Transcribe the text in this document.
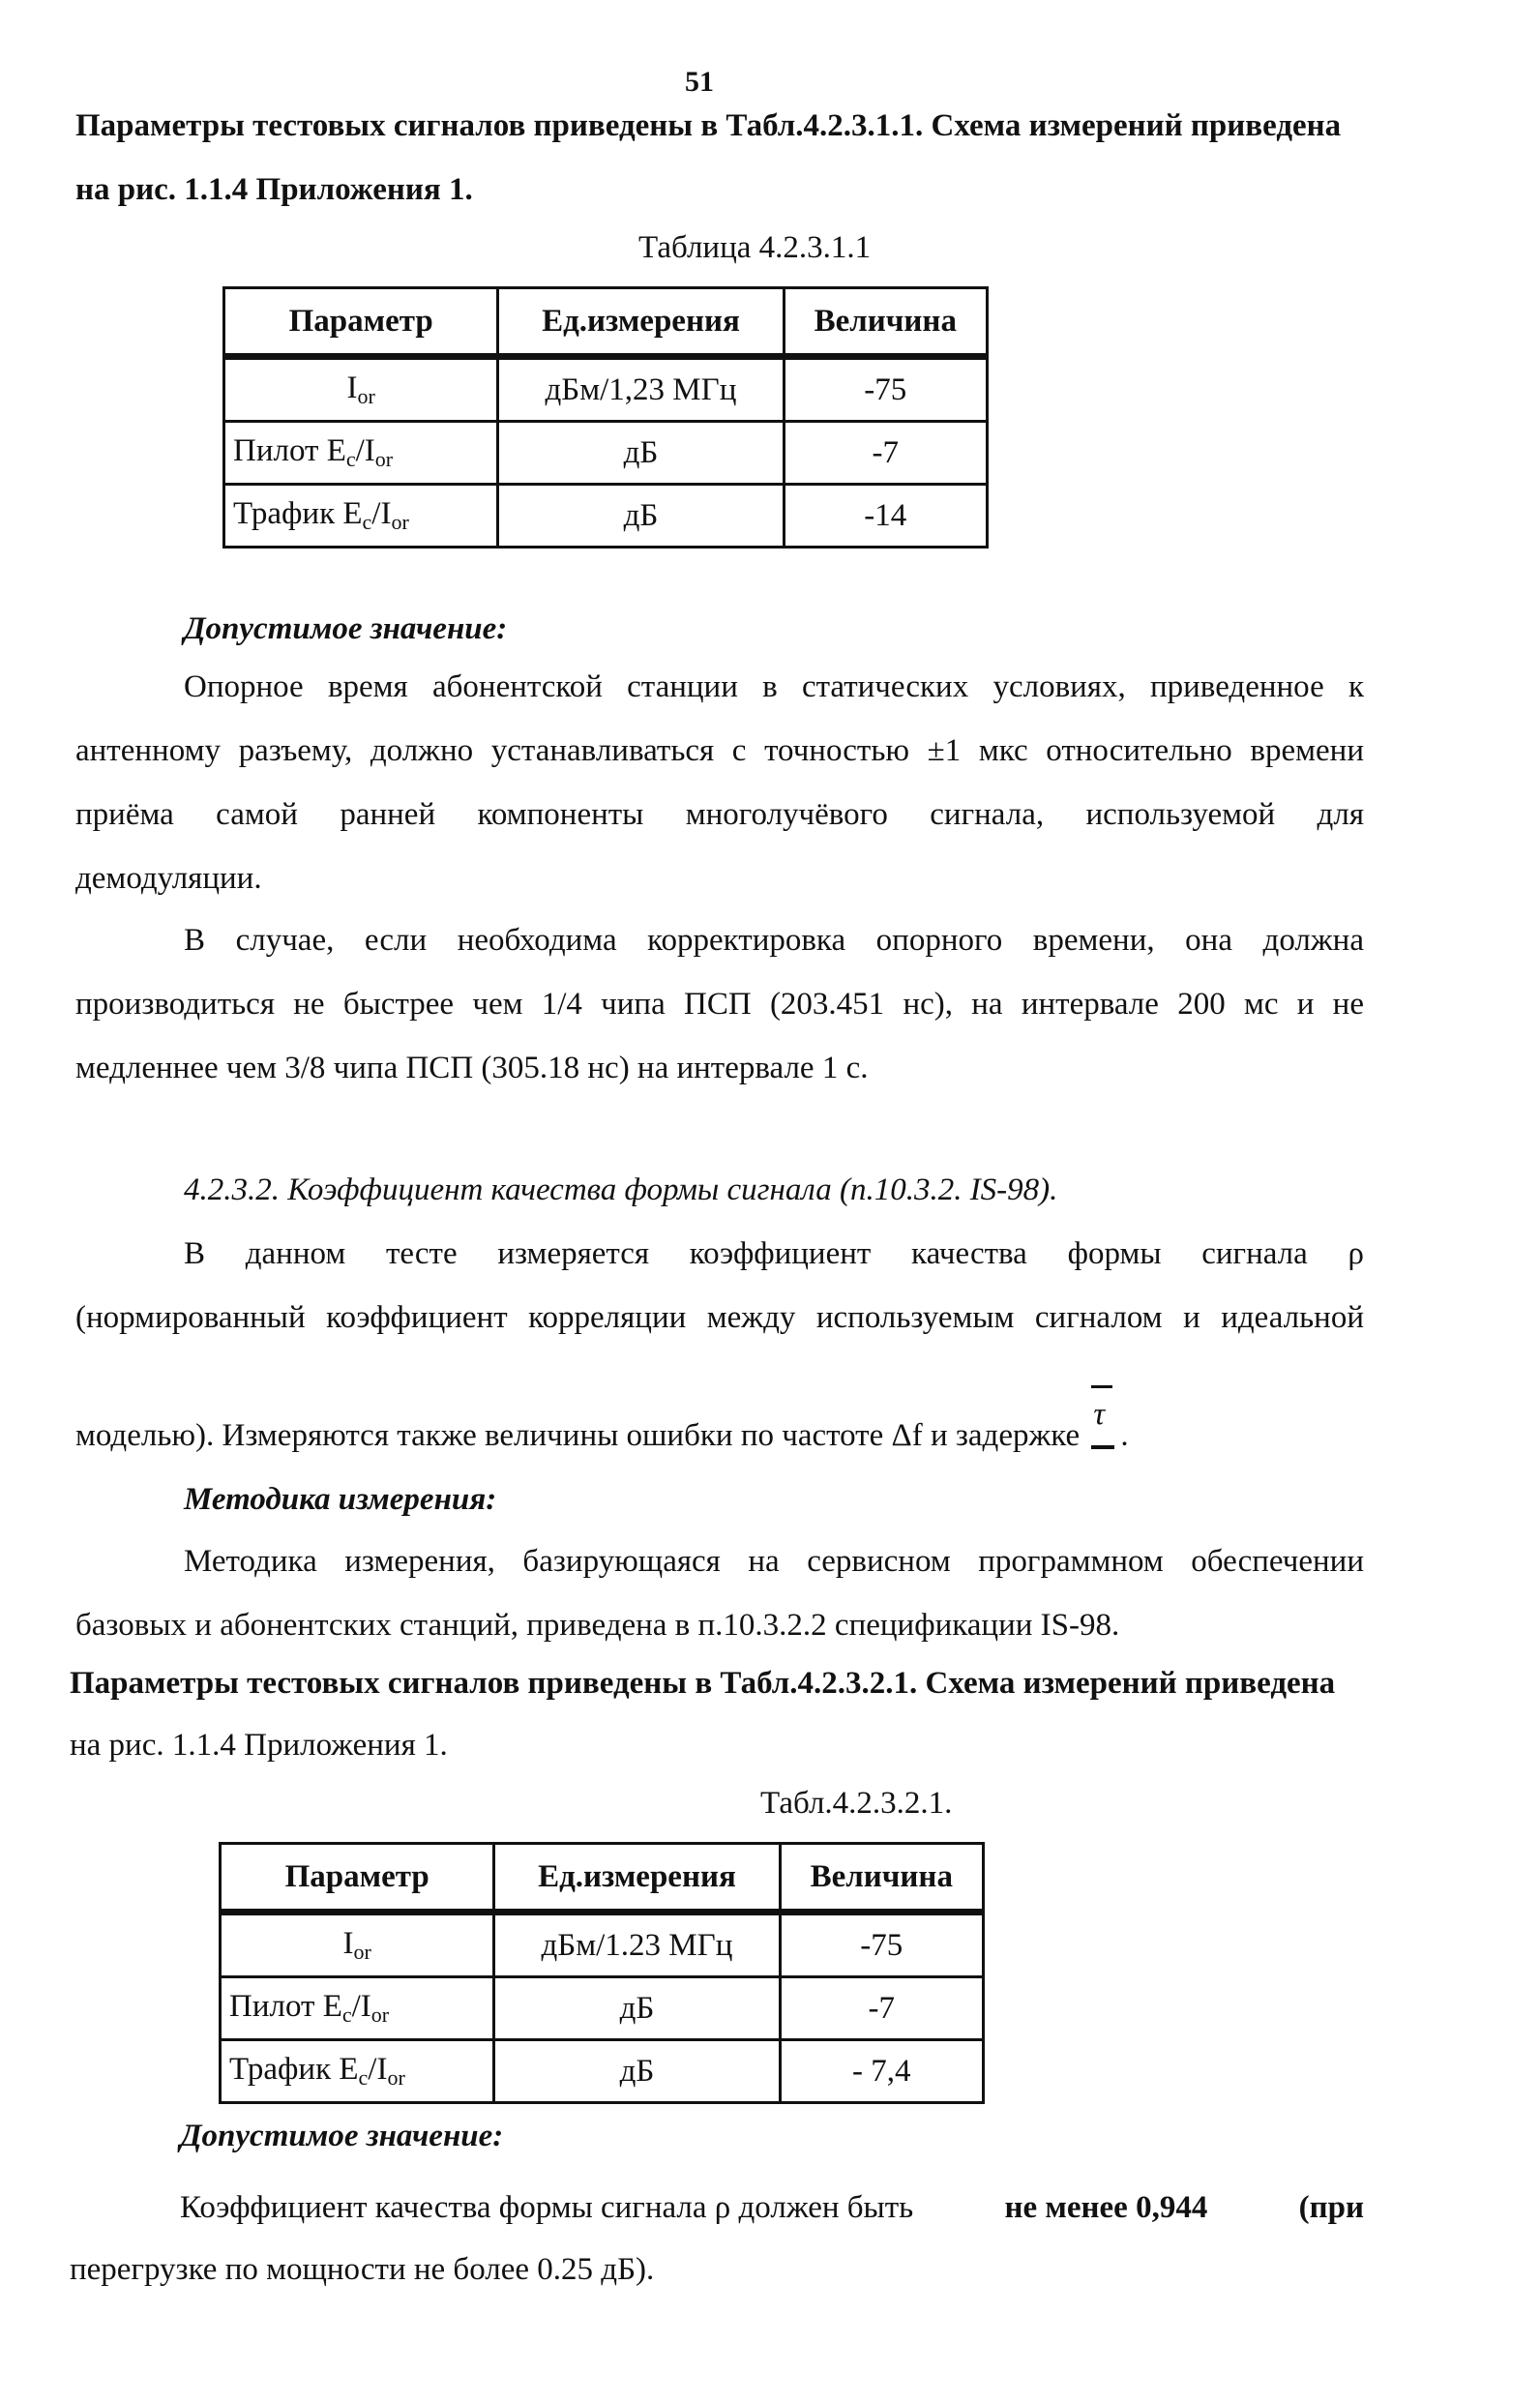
51
Параметры тестовых сигналов приведены в Табл.4.2.3.1.1. Схема измерений приведена
на рис. 1.1.4 Приложения 1.
Таблица 4.2.3.1.1
Параметр	Ед.измерения	Величина
$I_{or}$	дБм/1,23 МГц	-75
Пилот $E_c/I_{or}$	дБ	-7
Трафик $E_c/I_{or}$	дБ	-14
Допустимое значение:
Опорное время абонентской станции в статических условиях, приведенное к
антенному разъему, должно устанавливаться с точностью ±1 мкс относительно времени
приёма самой ранней компоненты многолучёвого сигнала, используемой для
демодуляции.
В случае, если необходима корректировка опорного времени, она должна
производиться не быстрее чем 1/4 чипа ПСП (203.451 нс), на интервале 200 мс и не
медленнее чем 3/8 чипа ПСП (305.18 нс) на интервале 1 с.
4.2.3.2. Коэффициент качества формы сигнала (п.10.3.2. IS-98).
В данном тесте измеряется коэффициент качества формы сигнала ρ
(нормированный коэффициент корреляции между используемым сигналом и идеальной
моделью). Измеряются также величины ошибки по частоте Δf и задержке
τ
.
Методика измерения:
Методика измерения, базирующаяся на сервисном программном обеспечении
базовых и абонентских станций, приведена в п.10.3.2.2 спецификации IS-98.
Параметры тестовых сигналов приведены в Табл.4.2.3.2.1. Схема измерений приведена
на рис. 1.1.4 Приложения 1.
Табл.4.2.3.2.1.
Параметр	Ед.измерения	Величина
$I_{or}$	дБм/1.23 МГц	-75
Пилот $E_c/I_{or}$	дБ	-7
Трафик $E_c/I_{or}$	дБ	- 7,4
Допустимое значение:
Коэффициент качества формы сигнала ρ должен быть	не менее 0,944	(при
перегрузке по мощности не более 0.25 дБ).
